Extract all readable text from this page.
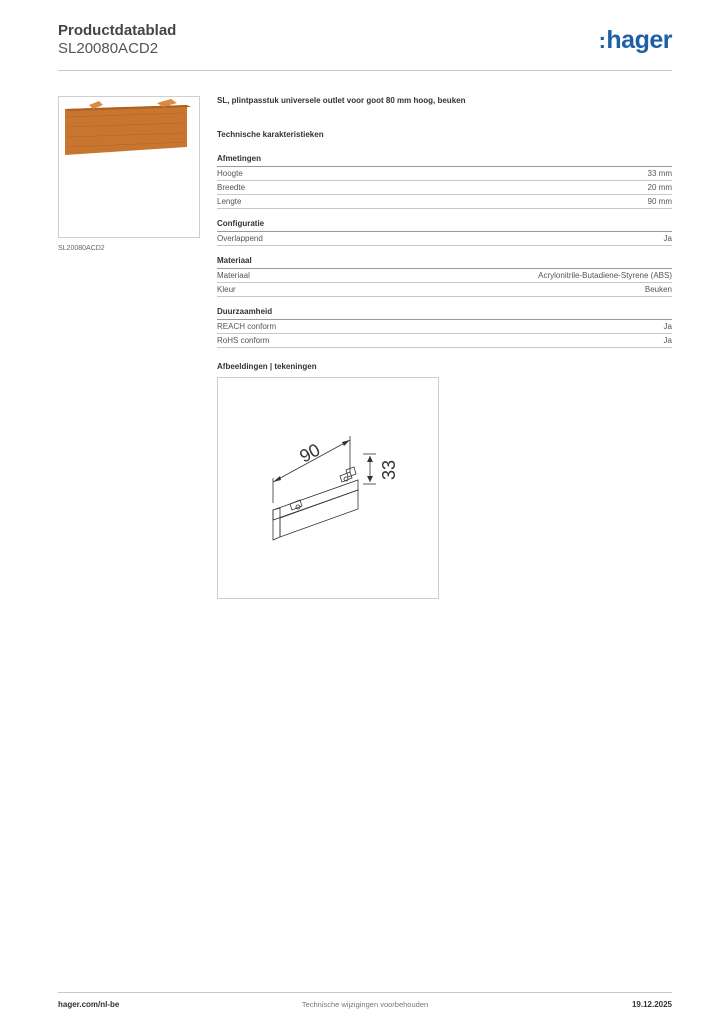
Productdatablad
SL20080ACD2	:hager
SL20080ACD2
SL, plintpasstuk universele outlet voor goot 80 mm hoog, beuken
Technische karakteristieken
Afmetingen
Hoogte	33 mm
Breedte	20 mm
Lengte	90 mm
Configuratie
Overlappend	Ja
Materiaal
Materiaal	Acrylonitrile-Butadiene-Styrene (ABS)
Kleur	Beuken
Duurzaamheid
REACH conform	Ja
RoHS conform	Ja
Afbeeldingen | tekeningen
90
33
hager.com/nl-be	Technische wijzigingen voorbehouden	19.12.2025
